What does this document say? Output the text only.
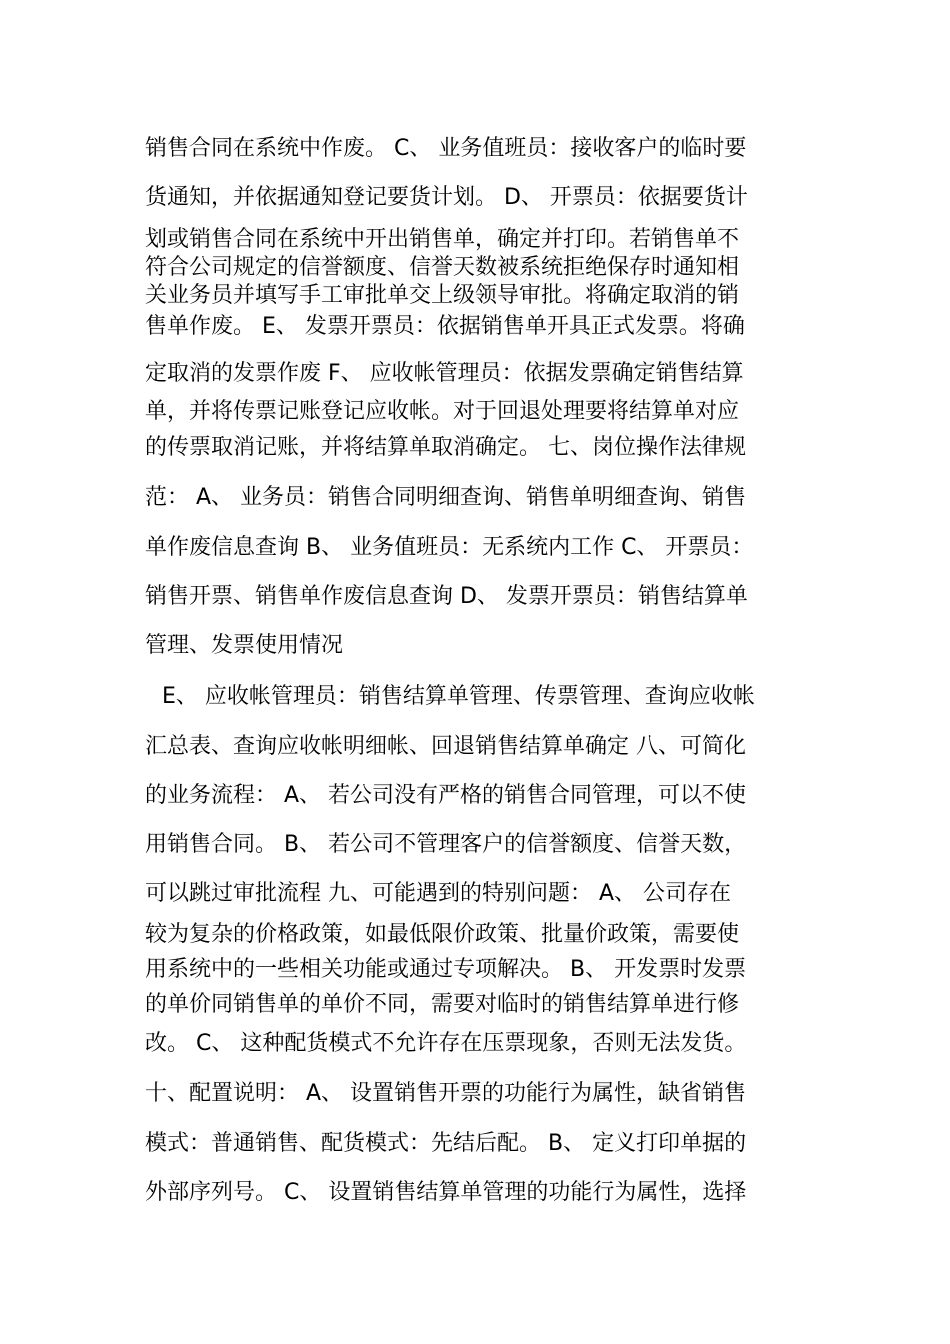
销售合同在系统中作废。 C、 业务值班员：接收客户的临时要
货通知，并依据通知登记要货计划。 D、 开票员：依据要货计
划或销售合同在系统中开出销售单，确定并打印。若销售单不
符合公司规定的信誉额度、信誉天数被系统拒绝保存时通知相
关业务员并填写手工审批单交上级领导审批。将确定取消的销
售单作废。 E、 发票开票员：依据销售单开具正式发票。将确
定取消的发票作废 F、 应收帐管理员：依据发票确定销售结算
单，并将传票记账登记应收帐。对于回退处理要将结算单对应
的传票取消记账，并将结算单取消确定。 七、岗位操作法律规
范： A、 业务员：销售合同明细查询、销售单明细查询、销售
单作废信息查询 B、 业务值班员：无系统内工作 C、 开票员：
销售开票、销售单作废信息查询 D、 发票开票员：销售结算单
管理、发票使用情况
E、 应收帐管理员：销售结算单管理、传票管理、查询应收帐
汇总表、查询应收帐明细帐、回退销售结算单确定 八、可简化
的业务流程： A、 若公司没有严格的销售合同管理，可以不使
用销售合同。 B、 若公司不管理客户的信誉额度、信誉天数，
可以跳过审批流程 九、可能遇到的特别问题： A、 公司存在
较为复杂的价格政策，如最低限价政策、批量价政策，需要使
用系统中的一些相关功能或通过专项解决。 B、 开发票时发票
的单价同销售单的单价不同，需要对临时的销售结算单进行修
改。 C、 这种配货模式不允许存在压票现象，否则无法发货。
十、配置说明： A、 设置销售开票的功能行为属性，缺省销售
模式：普通销售、配货模式：先结后配。 B、 定义打印单据的
外部序列号。 C、 设置销售结算单管理的功能行为属性，选择
